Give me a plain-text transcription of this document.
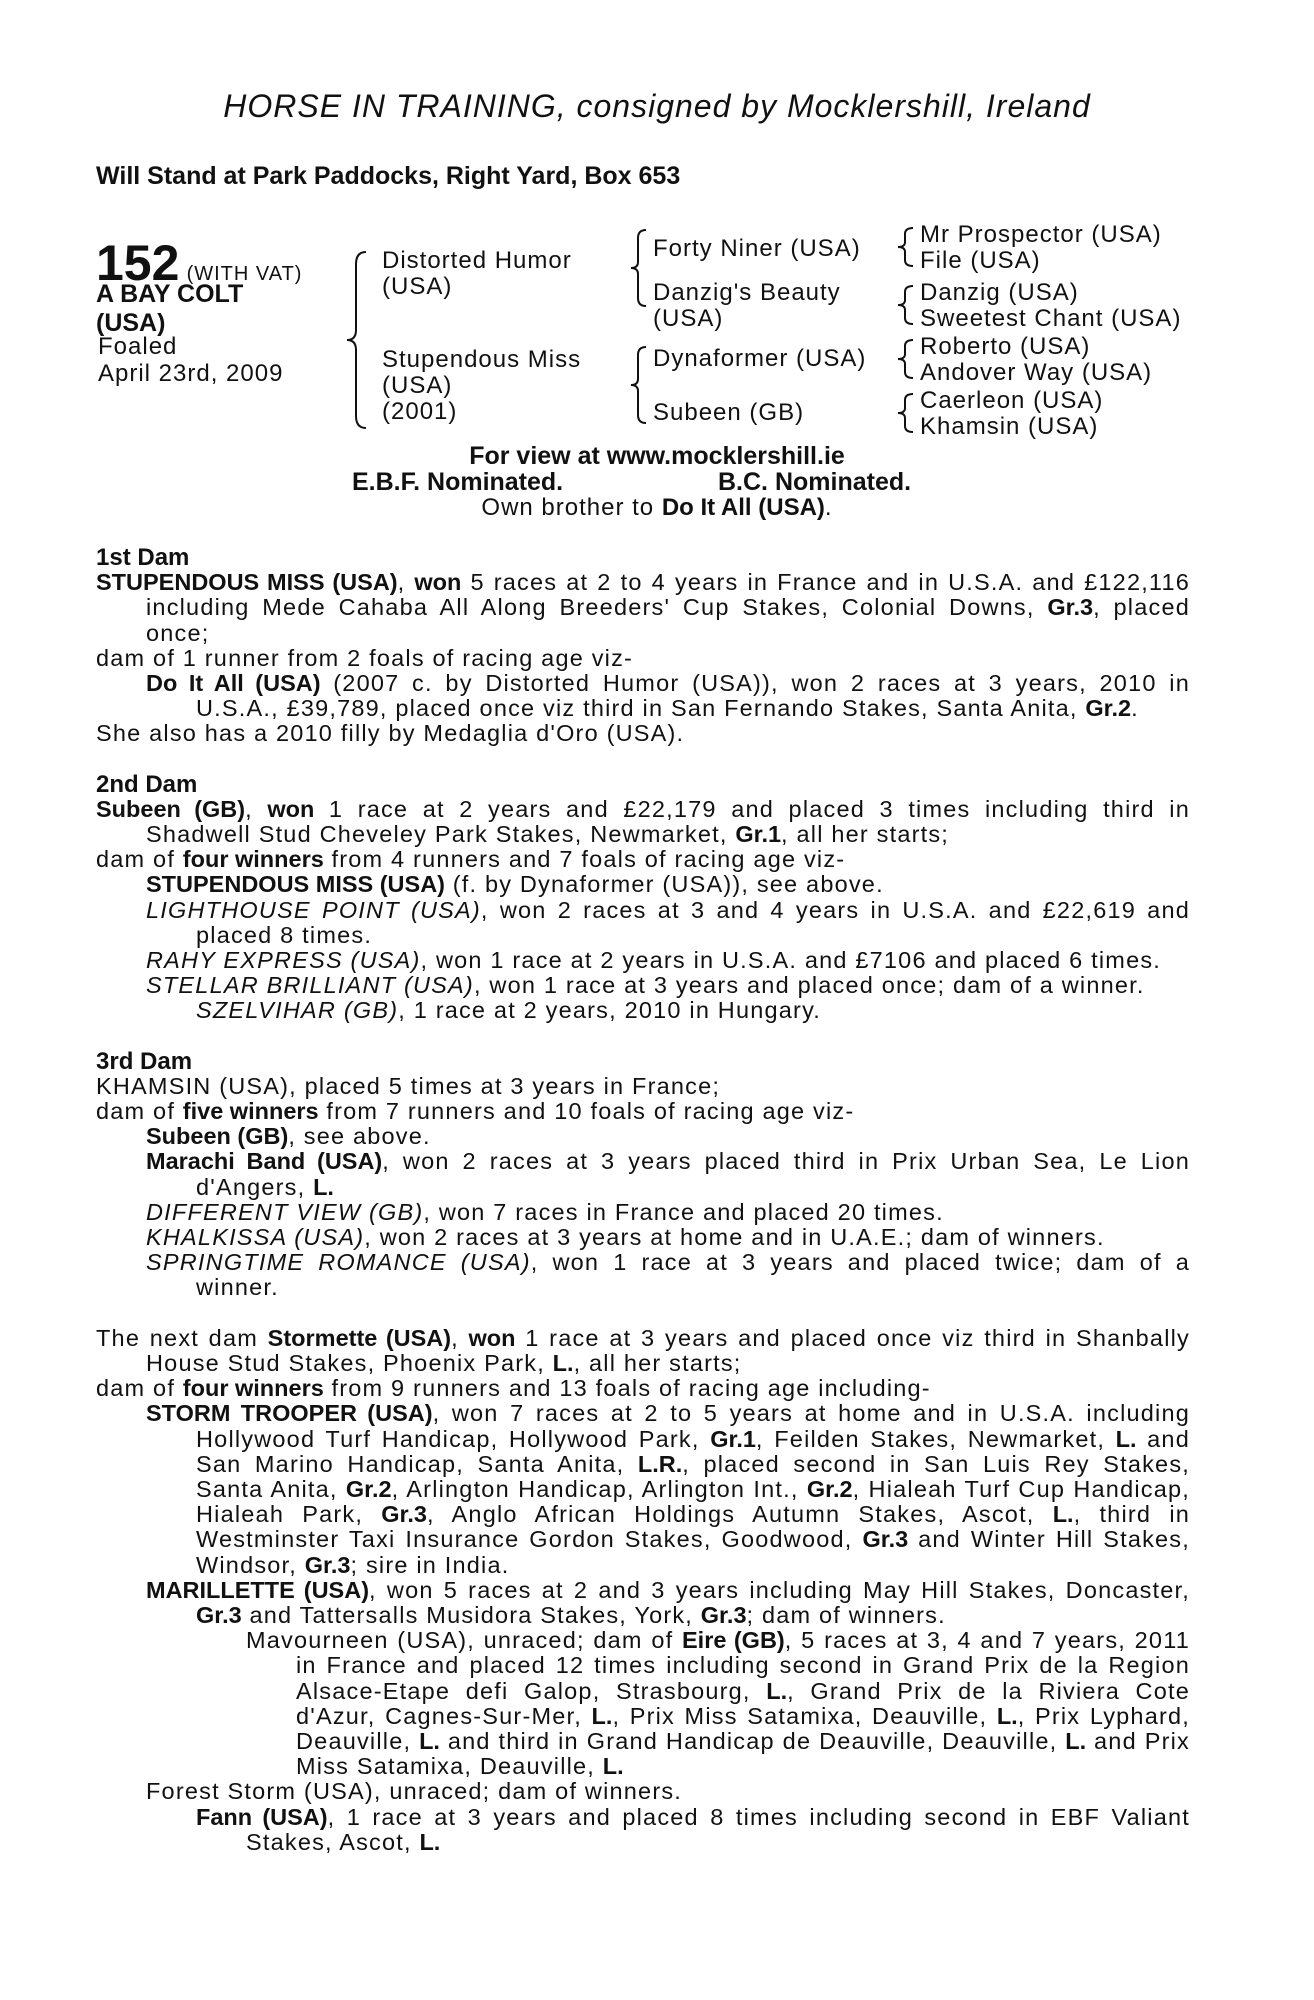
HORSE IN TRAINING, consigned by Mocklershill, Ireland
Will Stand at Park Paddocks, Right Yard, Box 653
152 (WITH VAT)
A BAY COLT
(USA)
Foaled
April 23rd, 2009
Distorted Humor
(USA)
Stupendous Miss
(USA)
(2001)
Forty Niner (USA)
Danzig's Beauty
(USA)
Dynaformer (USA)
Subeen (GB)
Mr Prospector (USA)
File (USA)
Danzig (USA)
Sweetest Chant (USA)
Roberto (USA)
Andover Way (USA)
Caerleon (USA)
Khamsin (USA)
For view at www.mocklershill.ie
E.B.F. Nominated.	B.C. Nominated.
Own brother to Do It All (USA).

1st Dam

STUPENDOUS MISS (USA), won 5 races at 2 to 4 years in France and in U.S.A. and £122,116 including Mede Cahaba All Along Breeders' Cup Stakes, Colonial Downs, Gr.3, placed once;

dam of 1 runner from 2 foals of racing age viz-

Do It All (USA) (2007 c. by Distorted Humor (USA)), won 2 races at 3 years, 2010 in U.S.A., £39,789, placed once viz third in San Fernando Stakes, Santa Anita, Gr.2.

She also has a 2010 filly by Medaglia d'Oro (USA).

2nd Dam

Subeen (GB), won 1 race at 2 years and £22,179 and placed 3 times including third in Shadwell Stud Cheveley Park Stakes, Newmarket, Gr.1, all her starts;

dam of four winners from 4 runners and 7 foals of racing age viz-

STUPENDOUS MISS (USA) (f. by Dynaformer (USA)), see above.

LIGHTHOUSE POINT (USA), won 2 races at 3 and 4 years in U.S.A. and £22,619 and placed 8 times.

RAHY EXPRESS (USA), won 1 race at 2 years in U.S.A. and £7106 and placed 6 times.

STELLAR BRILLIANT (USA), won 1 race at 3 years and placed once; dam of a winner.

SZELVIHAR (GB), 1 race at 2 years, 2010 in Hungary.

3rd Dam

KHAMSIN (USA), placed 5 times at 3 years in France;

dam of five winners from 7 runners and 10 foals of racing age viz-

Subeen (GB), see above.

Marachi Band (USA), won 2 races at 3 years placed third in Prix Urban Sea, Le Lion d'Angers, L.

DIFFERENT VIEW (GB), won 7 races in France and placed 20 times.

KHALKISSA (USA), won 2 races at 3 years at home and in U.A.E.; dam of winners.

SPRINGTIME ROMANCE (USA), won 1 race at 3 years and placed twice; dam of a winner.

The next dam Stormette (USA), won 1 race at 3 years and placed once viz third in Shanbally House Stud Stakes, Phoenix Park, L., all her starts;

dam of four winners from 9 runners and 13 foals of racing age including-

STORM TROOPER (USA), won 7 races at 2 to 5 years at home and in U.S.A. including Hollywood Turf Handicap, Hollywood Park, Gr.1, Feilden Stakes, Newmarket, L. and San Marino Handicap, Santa Anita, L.R., placed second in San Luis Rey Stakes, Santa Anita, Gr.2, Arlington Handicap, Arlington Int., Gr.2, Hialeah Turf Cup Handicap, Hialeah Park, Gr.3, Anglo African Holdings Autumn Stakes, Ascot, L., third in Westminster Taxi Insurance Gordon Stakes, Goodwood, Gr.3 and Winter Hill Stakes, Windsor, Gr.3; sire in India.

MARILLETTE (USA), won 5 races at 2 and 3 years including May Hill Stakes, Doncaster, Gr.3 and Tattersalls Musidora Stakes, York, Gr.3; dam of winners.

Mavourneen (USA), unraced; dam of Eire (GB), 5 races at 3, 4 and 7 years, 2011 in France and placed 12 times including second in Grand Prix de la Region Alsace-Etape defi Galop, Strasbourg, L., Grand Prix de la Riviera Cote d'Azur, Cagnes-Sur-Mer, L., Prix Miss Satamixa, Deauville, L., Prix Lyphard, Deauville, L. and third in Grand Handicap de Deauville, Deauville, L. and Prix Miss Satamixa, Deauville, L.

Forest Storm (USA), unraced; dam of winners.

Fann (USA), 1 race at 3 years and placed 8 times including second in EBF Valiant Stakes, Ascot, L.
